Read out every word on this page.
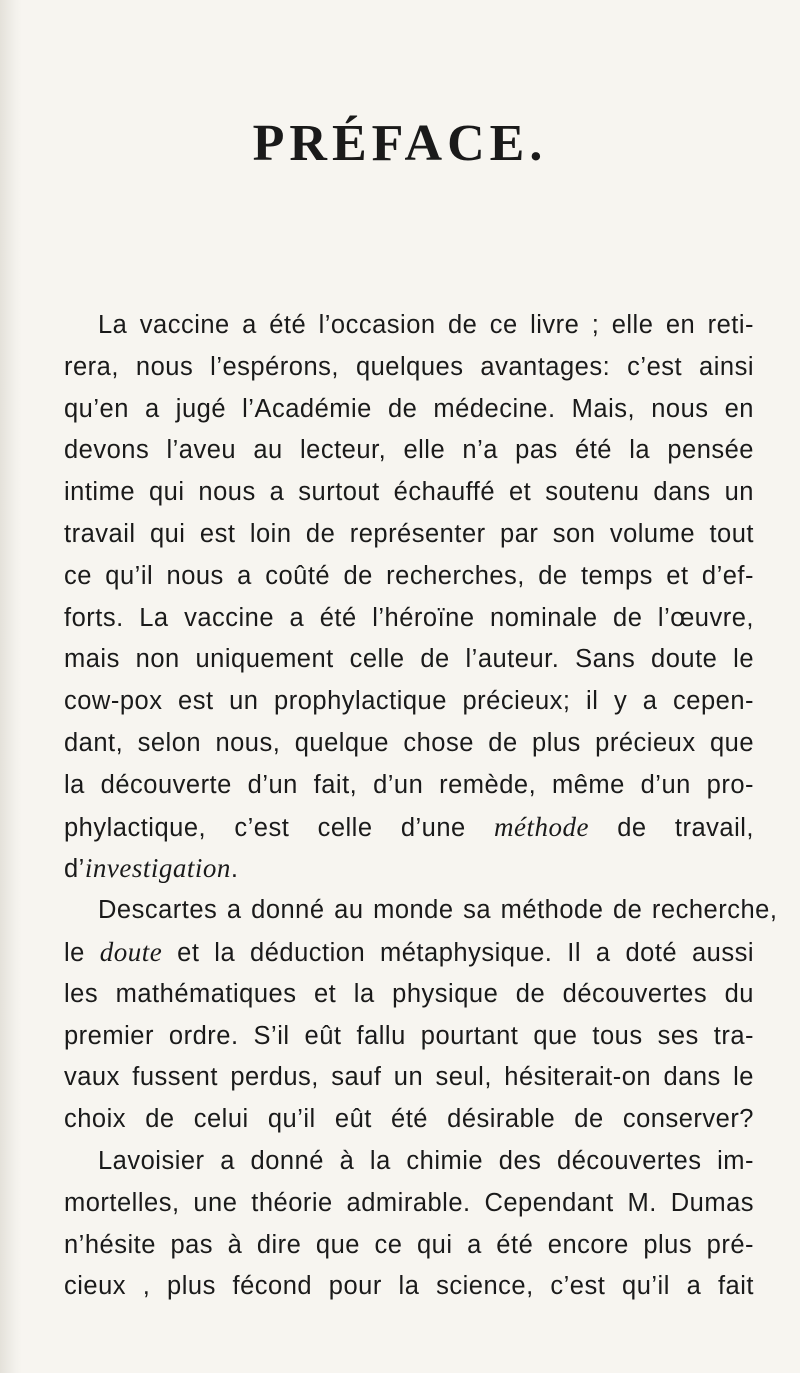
PRÉFACE.
La vaccine a été l’occasion de ce livre ; elle en reti-
rera, nous l’espérons, quelques avantages: c’est ainsi
qu’en a jugé l’Académie de médecine. Mais, nous en
devons l’aveu au lecteur, elle n’a pas été la pensée
intime qui nous a surtout échauffé et soutenu dans un
travail qui est loin de représenter par son volume tout
ce qu’il nous a coûté de recherches, de temps et d’ef-
forts. La vaccine a été l’héroïne nominale de l’œuvre,
mais non uniquement celle de l’auteur. Sans doute le
cow-pox est un prophylactique précieux; il y a cepen-
dant, selon nous, quelque chose de plus précieux que
la découverte d’un fait, d’un remède, même d’un pro-
phylactique, c’est celle d’une méthode de travail,
d’investigation.
Descartes a donné au monde sa méthode de recherche,
le doute et la déduction métaphysique. Il a doté aussi
les mathématiques et la physique de découvertes du
premier ordre. S’il eût fallu pourtant que tous ses tra-
vaux fussent perdus, sauf un seul, hésiterait-on dans le
choix de celui qu’il eût été désirable de conserver?
Lavoisier a donné à la chimie des découvertes im-
mortelles, une théorie admirable. Cependant M. Dumas
n’hésite pas à dire que ce qui a été encore plus pré-
cieux , plus fécond pour la science, c’est qu’il a fait
